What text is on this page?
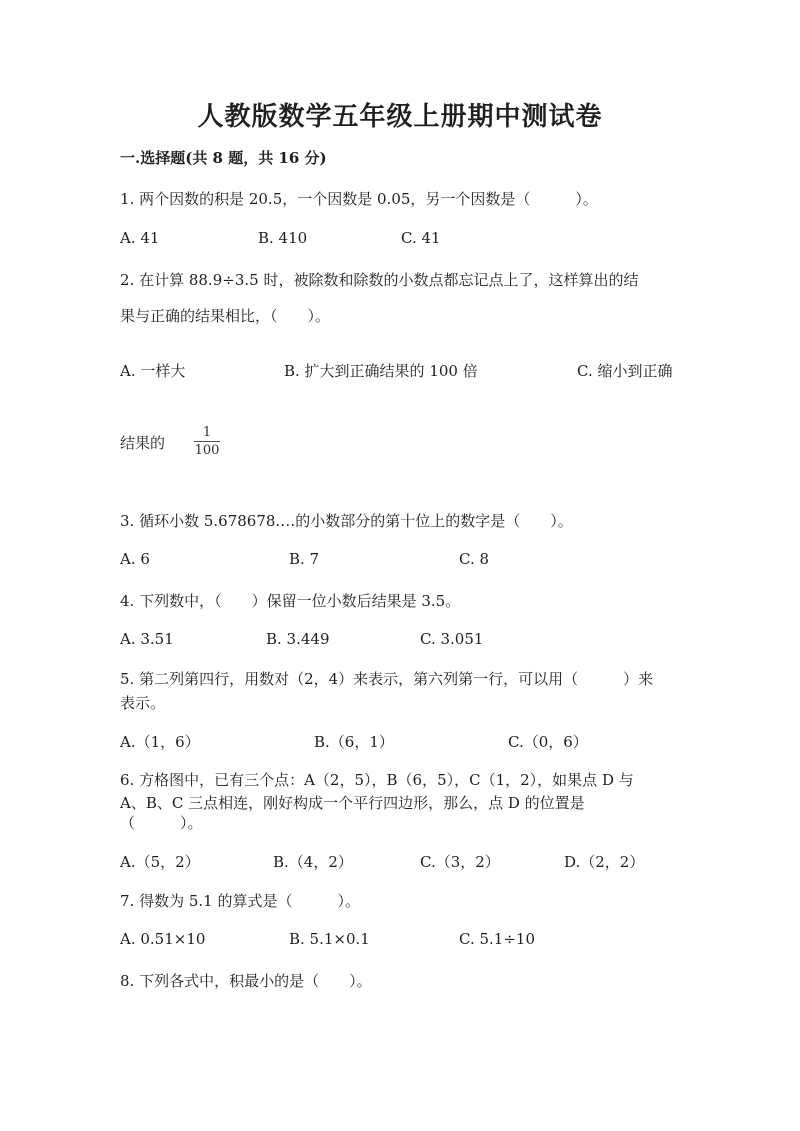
人教版数学五年级上册期中测试卷
一.选择题(共 8 题，共 16 分)
1. 两个因数的积是 20.5，一个因数是 0.05，另一个因数是（　　　）。
A. 41	B. 410	C. 41
2. 在计算 88.9÷3.5 时，被除数和除数的小数点都忘记点上了，这样算出的结
果与正确的结果相比，（　　）。
A. 一样大	B. 扩大到正确结果的 100 倍	C. 缩小到正确
结果的
1
100
3. 循环小数 5.678678.…的小数部分的第十位上的数字是（　　）。
A. 6	B. 7	C. 8
4. 下列数中，（　　）保留一位小数后结果是 3.5。
A. 3.51	B. 3.449	C. 3.051
5. 第二列第四行，用数对（2，4）来表示，第六列第一行，可以用（　　　）来
表示。
A.（1，6）	B.（6，1）	C.（0，6）
6. 方格图中，已有三个点：A（2，5），B（6，5），C（1，2），如果点 D 与
A、B、C 三点相连，刚好构成一个平行四边形，那么，点 D 的位置是
（　　　）。
A.（5，2）	B.（4，2）	C.（3，2）	D.（2，2）
7. 得数为 5.1 的算式是（　　　）。
A. 0.51×10	B. 5.1×0.1	C. 5.1÷10
8. 下列各式中，积最小的是（　　）。
